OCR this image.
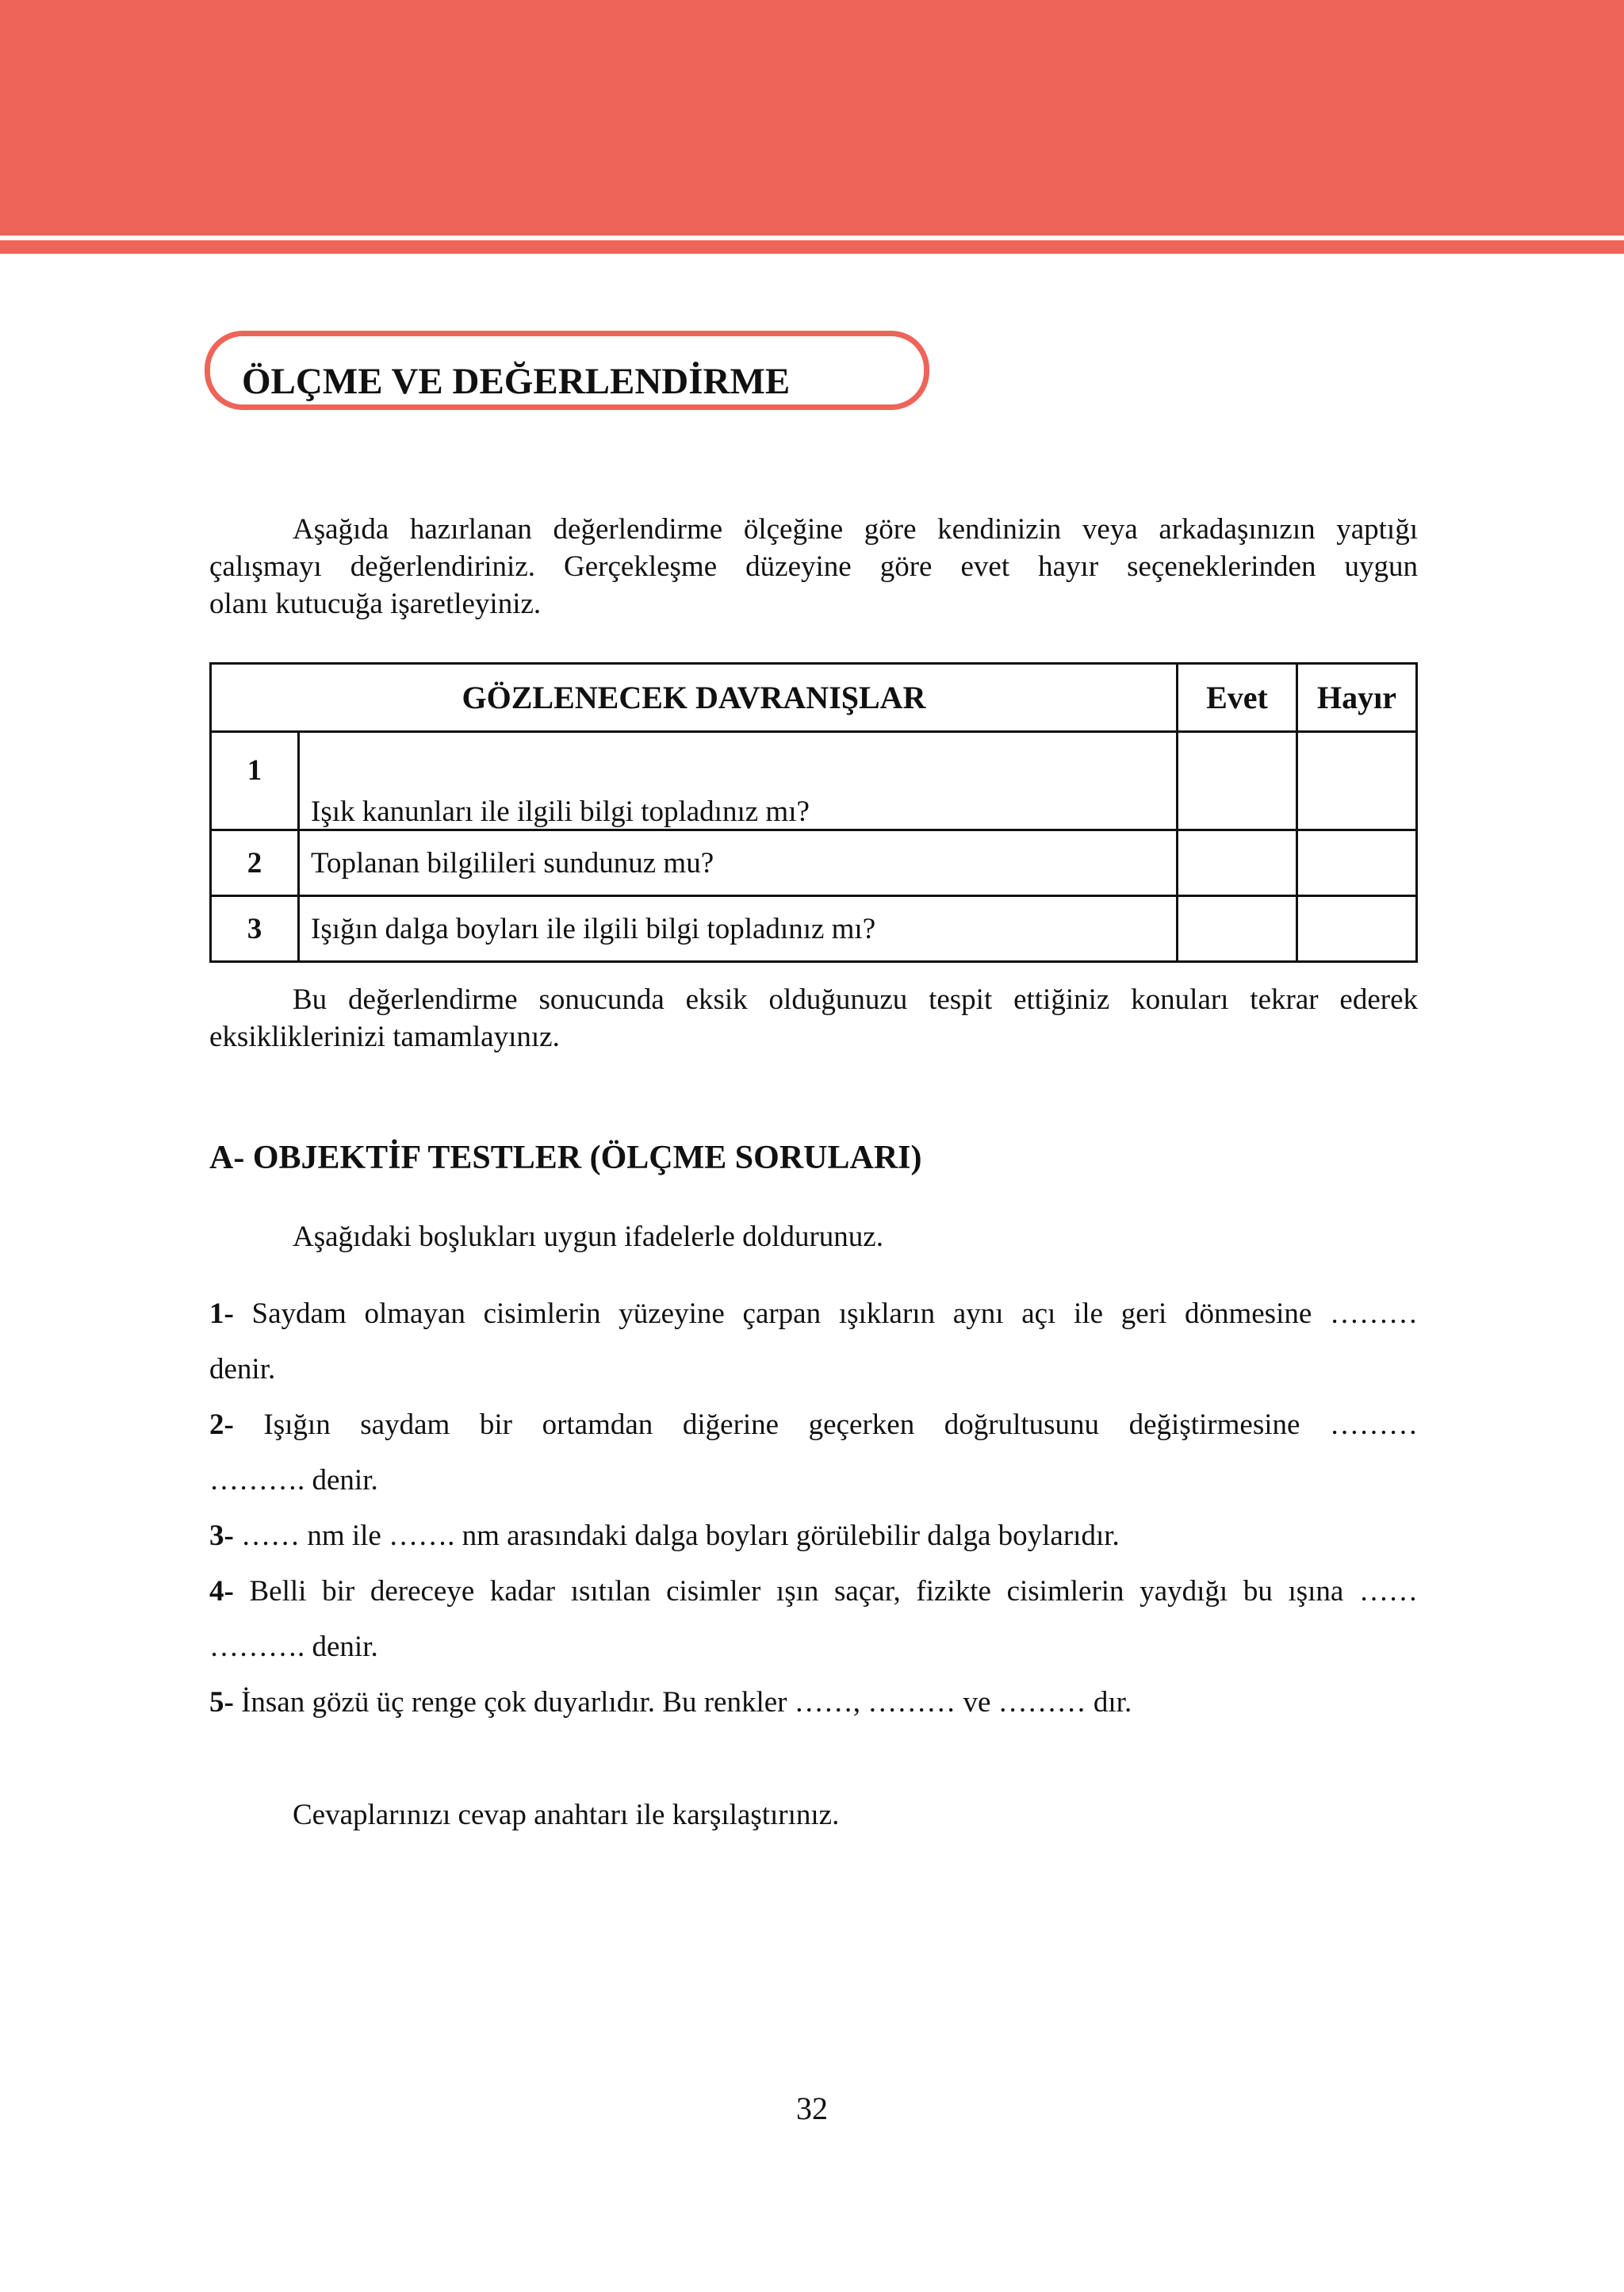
ÖLÇME VE DEĞERLENDİRME

Aşağıda hazırlanan değerlendirme ölçeğine göre kendinizin veya arkadaşınızın yaptığı
çalışmayı değerlendiriniz. Gerçekleşme düzeyine göre evet hayır seçeneklerinden uygun
olanı kutucuğa işaretleyiniz.

GÖZLENECEK DAVRANIŞLAR		Evet	Hayır
1	Işık kanunları ile ilgili bilgi topladınız mı?		
2	Toplanan bilgilileri sundunuz mu?		
3	Işığın dalga boyları ile ilgili bilgi topladınız mı?		

Bu değerlendirme sonucunda eksik olduğunuzu tespit ettiğiniz konuları tekrar ederek
eksikliklerinizi tamamlayınız.

A- OBJEKTİF TESTLER (ÖLÇME SORULARI)
Aşağıdaki boşlukları uygun ifadelerle doldurunuz.
1- Saydam olmayan cisimlerin yüzeyine çarpan ışıkların aynı açı ile geri dönmesine ………
denir.
2- Işığın saydam bir ortamdan diğerine geçerken doğrultusunu değiştirmesine ………
………. denir.
3- …… nm ile ……. nm arasındaki dalga boyları görülebilir dalga boylarıdır.
4- Belli bir dereceye kadar ısıtılan cisimler ışın saçar, fizikte cisimlerin yaydığı bu ışına ……
………. denir.
5- İnsan gözü üç renge çok duyarlıdır. Bu renkler ……, ……… ve ……… dır.
Cevaplarınızı cevap anahtarı ile karşılaştırınız.
32
